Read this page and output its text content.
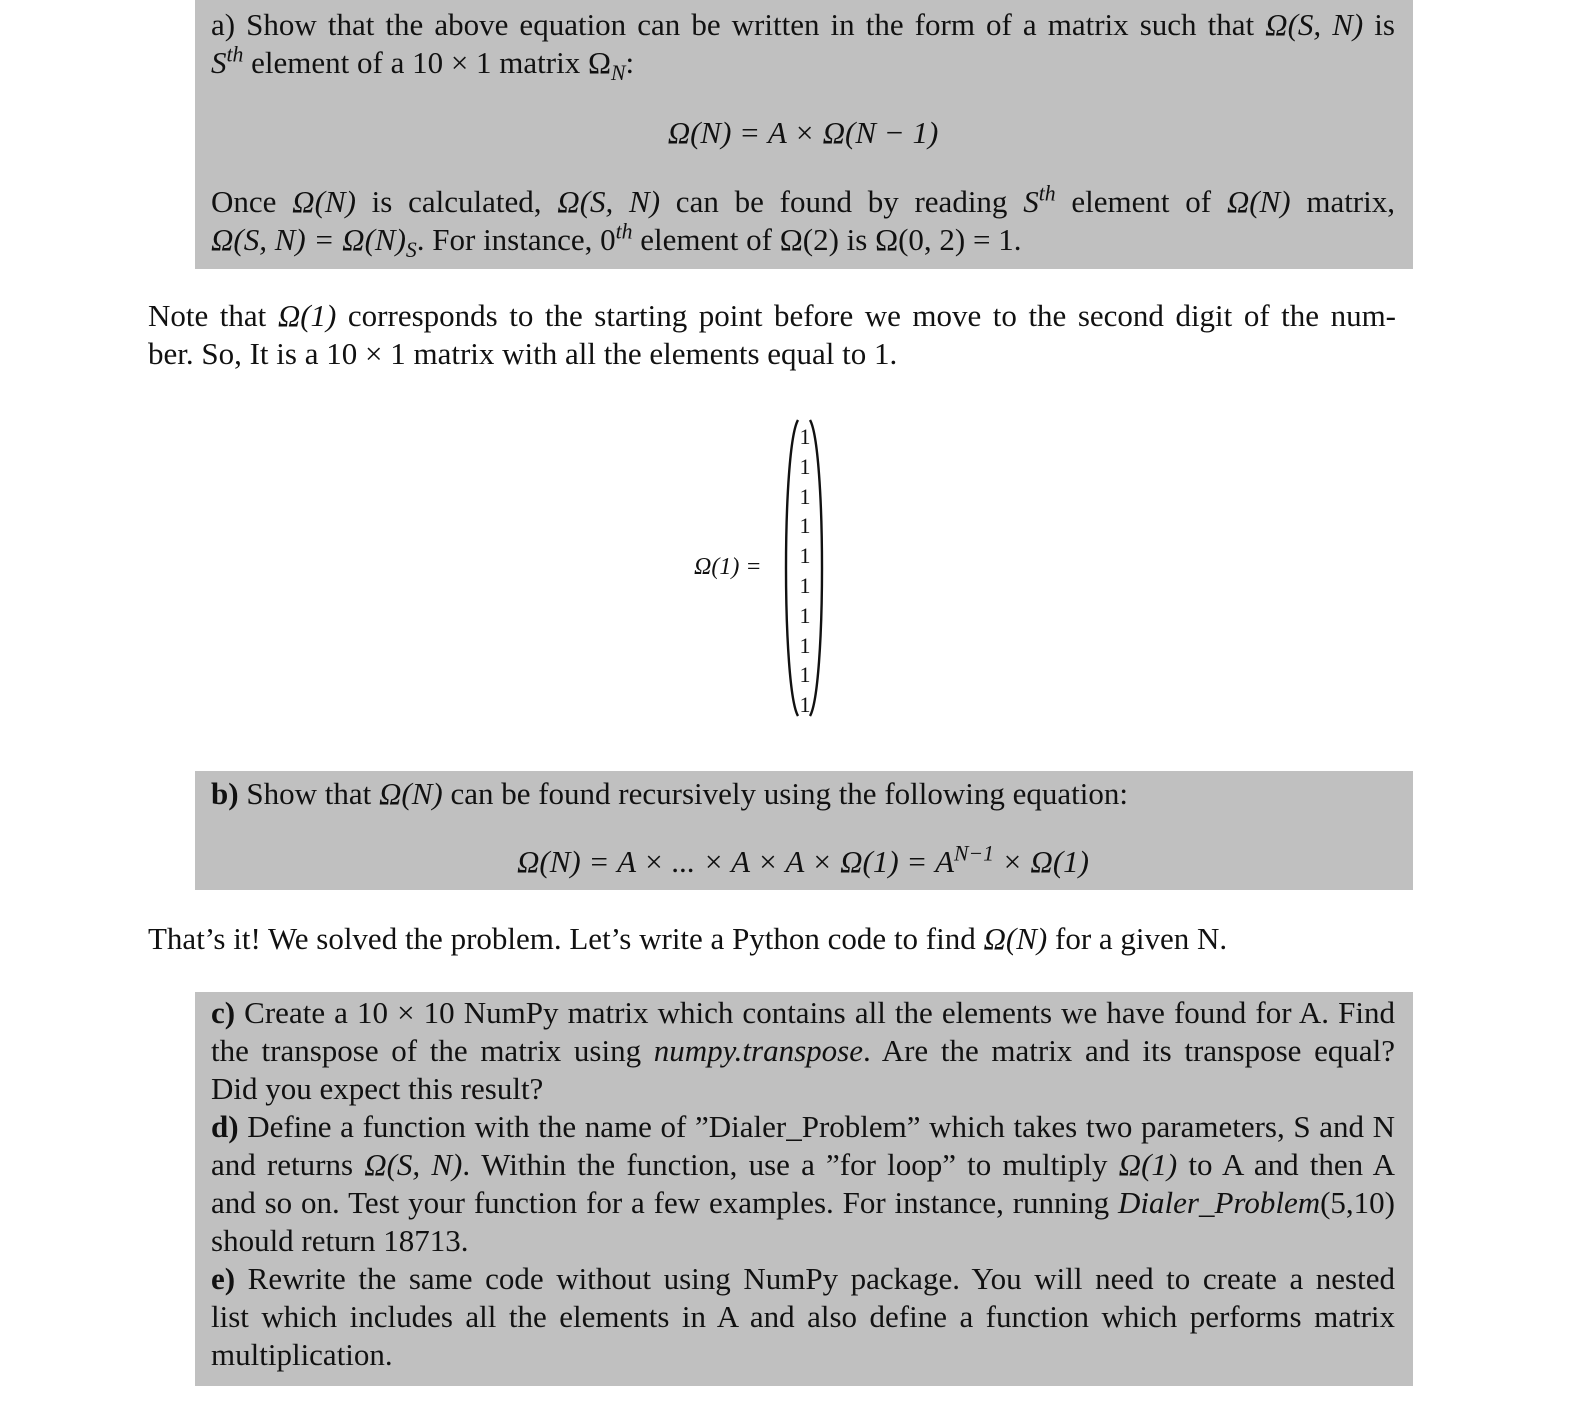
a) Show that the above equation can be written in the form of a matrix such that Ω(S, N) is

$S^{th}$ element of a 10 × 1 matrix $\Omega_N$:

Ω(N) = A × Ω(N − 1)

Once Ω(N) is calculated, Ω(S, N) can be found by reading $S^{th}$ element of Ω(N) matrix,

Ω(S, $N) = \Omega(N)_S$. For instance, 0th element of Ω(2) is Ω(0, 2) = 1.

Note that Ω(1) corresponds to the starting point before we move to the second digit of the num-

ber. So, It is a 10 × 1 matrix with all the elements equal to 1.

Ω(1) =
1
1
1
1
1
1
1
1
1
1

b) Show that Ω(N) can be found recursively using the following equation:

Ω(N) = A × ... × $A \times A \times \Omega(1) = A^{N-1} \times \Omega(1)$

That’s it! We solved the problem. Let’s write a Python code to find Ω(N) for a given N.

c) Create a 10 × 10 NumPy matrix which contains all the elements we have found for A. Find

the transpose of the matrix using numpy.transpose. Are the matrix and its transpose equal?

Did you expect this result?

d) Define a function with the name of ”Dialer_Problem” which takes two parameters, S and N

and returns Ω(S, N). Within the function, use a ”for loop” to multiply Ω(1) to A and then A

and so on. Test your function for a few examples. For instance, running Dialer_Problem(5,10)

should return 18713.

e) Rewrite the same code without using NumPy package. You will need to create a nested

list which includes all the elements in A and also define a function which performs matrix

multiplication.
